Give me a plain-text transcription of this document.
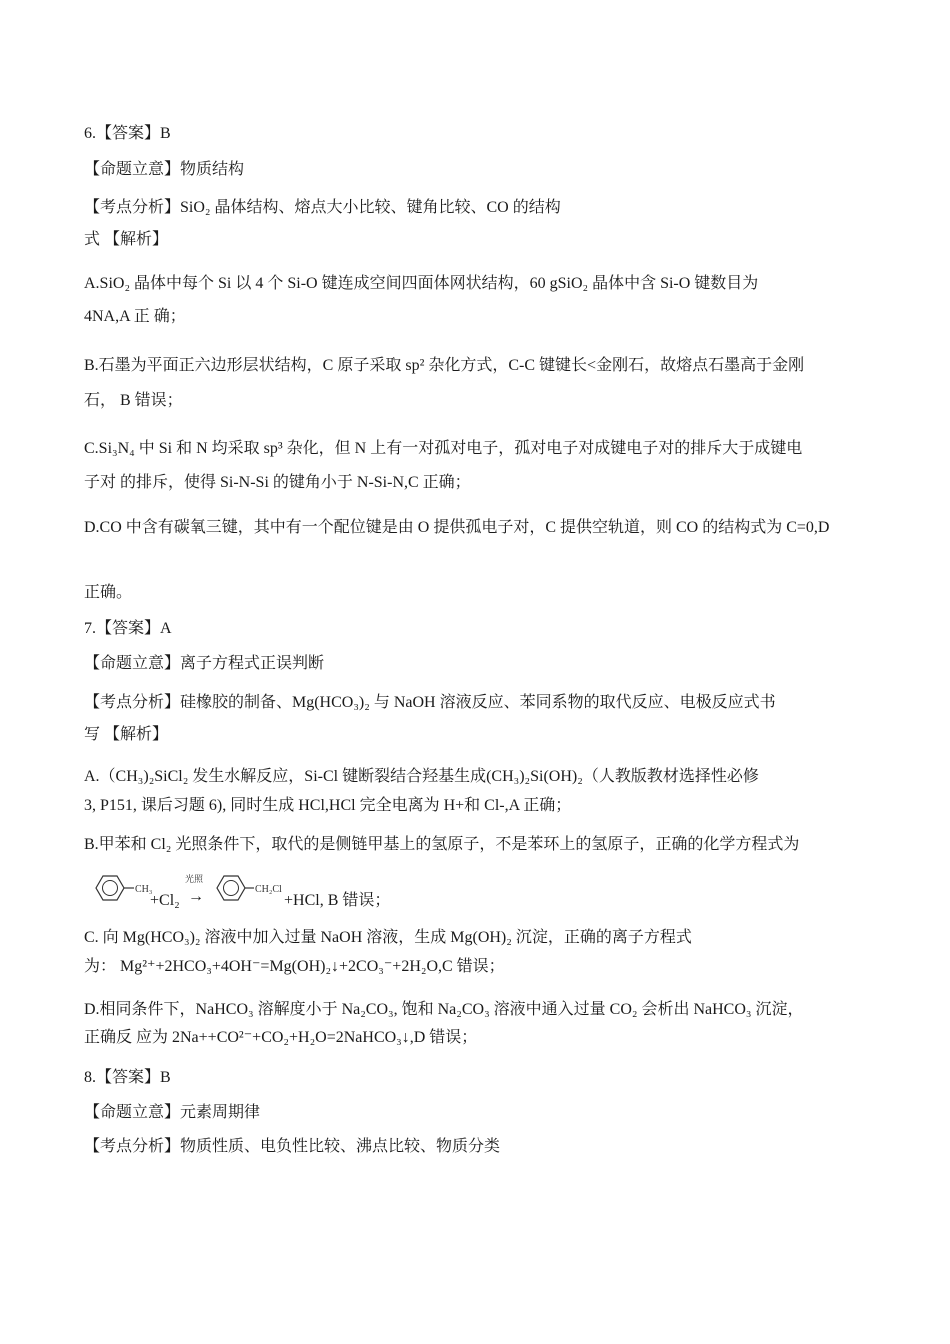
6.【答案】B
【命题立意】物质结构
【考点分析】SiO₂ 晶体结构、熔点大小比较、键角比较、CO 的结构
式 【解析】
A.SiO₂ 晶体中每个 Si 以 4 个 Si-O 键连成空间四面体网状结构，60 gSiO₂ 晶体中含 Si-O 键数目为
4NA,A 正 确；
B.石墨为平面正六边形层状结构，C 原子采取 sp² 杂化方式，C-C 键键长<金刚石，故熔点石墨高于金刚
石， B 错误；
C.Si₃N₄ 中 Si 和 N 均采取 sp³ 杂化，但 N 上有一对孤对电子，孤对电子对成键电子对的排斥大于成键电
子对 的排斥，使得 Si-N-Si 的键角小于 N-Si-N,C 正确；
D.CO 中含有碳氧三键，其中有一个配位键是由 O 提供孤电子对，C 提供空轨道，则 CO 的结构式为 C=0,D
正确。
7.【答案】A
【命题立意】离子方程式正误判断
【考点分析】硅橡胶的制备、Mg(HCO₃)₂ 与 NaOH 溶液反应、苯同系物的取代反应、电极反应式书
写 【解析】
A.（CH₃)₂SiCl₂ 发生水解反应，Si-Cl 键断裂结合羟基生成(CH₃)₂Si(OH)₂（人教版教材选择性必修
3, P151, 课后习题 6), 同时生成 HCl,HCl 完全电离为 H+和 Cl-,A 正确；
B.甲苯和 Cl₂ 光照条件下，取代的是侧链甲基上的氢原子，不是苯环上的氢原子，正确的化学方程式为
CH₃
+Cl₂
光照
→	CH₂Cl
+HCl, B 错误；
C. 向 Mg(HCO₃)₂ 溶液中加入过量 NaOH 溶液，生成 Mg(OH)₂ 沉淀，正确的离子方程式
为： Mg²⁺+2HCO₃+4OH⁻=Mg(OH)₂↓+2CO₃⁻+2H₂O,C 错误；
D.相同条件下，NaHCO₃ 溶解度小于 Na₂CO₃, 饱和 Na₂CO₃ 溶液中通入过量 CO₂ 会析出 NaHCO₃ 沉淀，
正确反 应为 2Na++CO²⁻+CO₂+H₂O=2NaHCO₃↓,D 错误；
8.【答案】B
【命题立意】元素周期律
【考点分析】物质性质、电负性比较、沸点比较、物质分类
